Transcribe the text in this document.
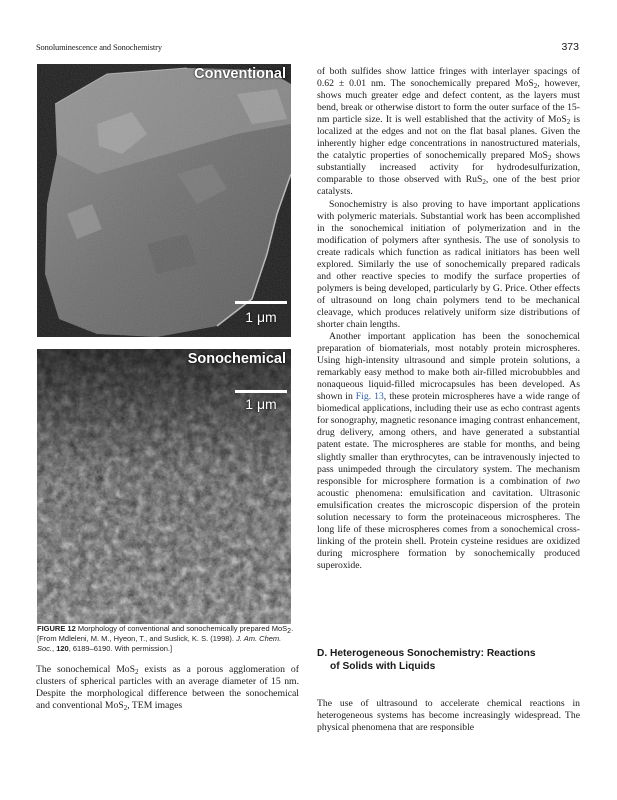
Sonoluminescence and Sonochemistry	373
Conventional
1 μm
Sonochemical
1 μm
FIGURE 12 Morphology of conventional and sonochemically prepared MoS$_2$. [From Mdleleni, M. M., Hyeon, T., and Suslick, K. S. (1998). J. Am. Chem. Soc., 120, 6189–6190. With permission.]

The sonochemical MoS$_2$ exists as a porous agglomeration of clusters of spherical particles with an average diameter of 15 nm. Despite the morphological difference between the sonochemical and conventional MoS$_2$, TEM images

of both sulfides show lattice fringes with interlayer spacings of 0.62 ± 0.01 nm. The sonochemically prepared MoS$_2$, however, shows much greater edge and defect content, as the layers must bend, break or otherwise distort to form the outer surface of the 15-nm particle size. It is well established that the activity of MoS$_2$ is localized at the edges and not on the flat basal planes. Given the inherently higher edge concentrations in nanostructured materials, the catalytic properties of sonochemically prepared MoS$_2$ shows substantially increased activity for hydrodesulfurization, comparable to those observed with RuS$_2$, one of the best prior catalysts.

Sonochemistry is also proving to have important applications with polymeric materials. Substantial work has been accomplished in the sonochemical initiation of polymerization and in the modification of polymers after synthesis. The use of sonolysis to create radicals which function as radical initiators has been well explored. Similarly the use of sonochemically prepared radicals and other reactive species to modify the surface properties of polymers is being developed, particularly by G. Price. Other effects of ultrasound on long chain polymers tend to be mechanical cleavage, which produces relatively uniform size distributions of shorter chain lengths.

Another important application has been the sonochemical preparation of biomaterials, most notably protein microspheres. Using high-intensity ultrasound and simple protein solutions, a remarkably easy method to make both air-filled microbubbles and nonaqueous liquid-filled microcapsules has been developed. As shown in Fig. 13, these protein microspheres have a wide range of biomedical applications, including their use as echo contrast agents for sonography, magnetic resonance imaging contrast enhancement, drug delivery, among others, and have generated a substantial patent estate. The microspheres are stable for months, and being slightly smaller than erythrocytes, can be intravenously injected to pass unimpeded through the circulatory system. The mechanism responsible for microsphere formation is a combination of two acoustic phenomena: emulsification and cavitation. Ultrasonic emulsification creates the microscopic dispersion of the protein solution necessary to form the proteinaceous microspheres. The long life of these microspheres comes from a sonochemical cross-linking of the protein shell. Protein cysteine residues are oxidized during microsphere formation by sonochemically produced superoxide.

D. Heterogeneous Sonochemistry: Reactions
of Solids with Liquids

The use of ultrasound to accelerate chemical reactions in heterogeneous systems has become increasingly widespread. The physical phenomena that are responsible
